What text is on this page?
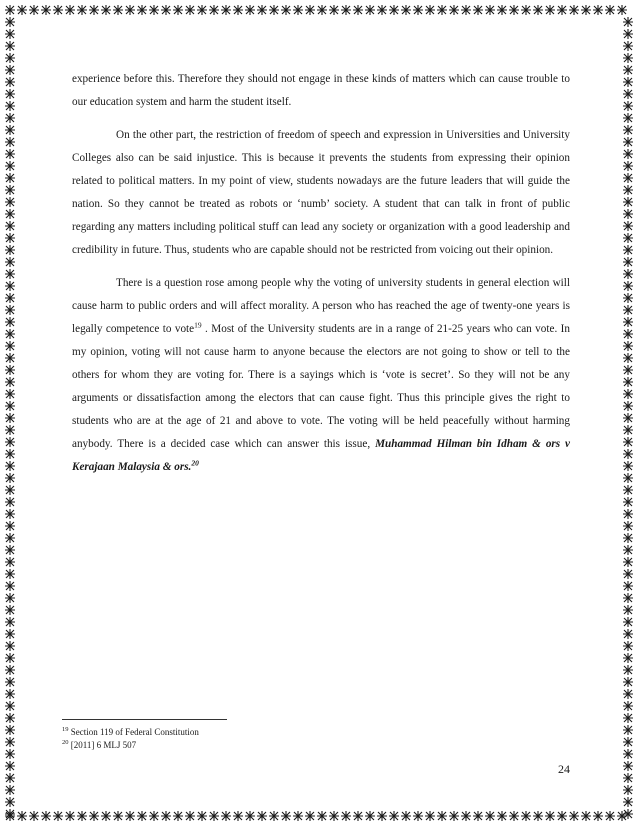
experience before this. Therefore they should not engage in these kinds of matters which can cause trouble to our education system and harm the student itself.

On the other part, the restriction of freedom of speech and expression in Universities and University Colleges also can be said injustice. This is because it prevents the students from expressing their opinion related to political matters. In my point of view, students nowadays are the future leaders that will guide the nation. So they cannot be treated as robots or ‘numb’ society. A student that can talk in front of public regarding any matters including political stuff can lead any society or organization with a good leadership and credibility in future. Thus, students who are capable should not be restricted from voicing out their opinion.

There is a question rose among people why the voting of university students in general election will cause harm to public orders and will affect morality. A person who has reached the age of twenty-one years is legally competence to vote$^{19}$ . Most of the University students are in a range of 21-25 years who can vote. In my opinion, voting will not cause harm to anyone because the electors are not going to show or tell to the others for whom they are voting for. There is a sayings which is ‘vote is secret’. So they will not be any arguments or dissatisfaction among the electors that can cause fight. Thus this principle gives the right to students who are at the age of 21 and above to vote. The voting will be held peacefully without harming anybody. There is a decided case which can answer this issue, Muhammad Hilman bin Idham & ors v Kerajaan Malaysia & ors.$^{20}$

$^{19}$ Section 119 of Federal Constitution
$^{20}$ [2011] 6 MLJ 507
24
